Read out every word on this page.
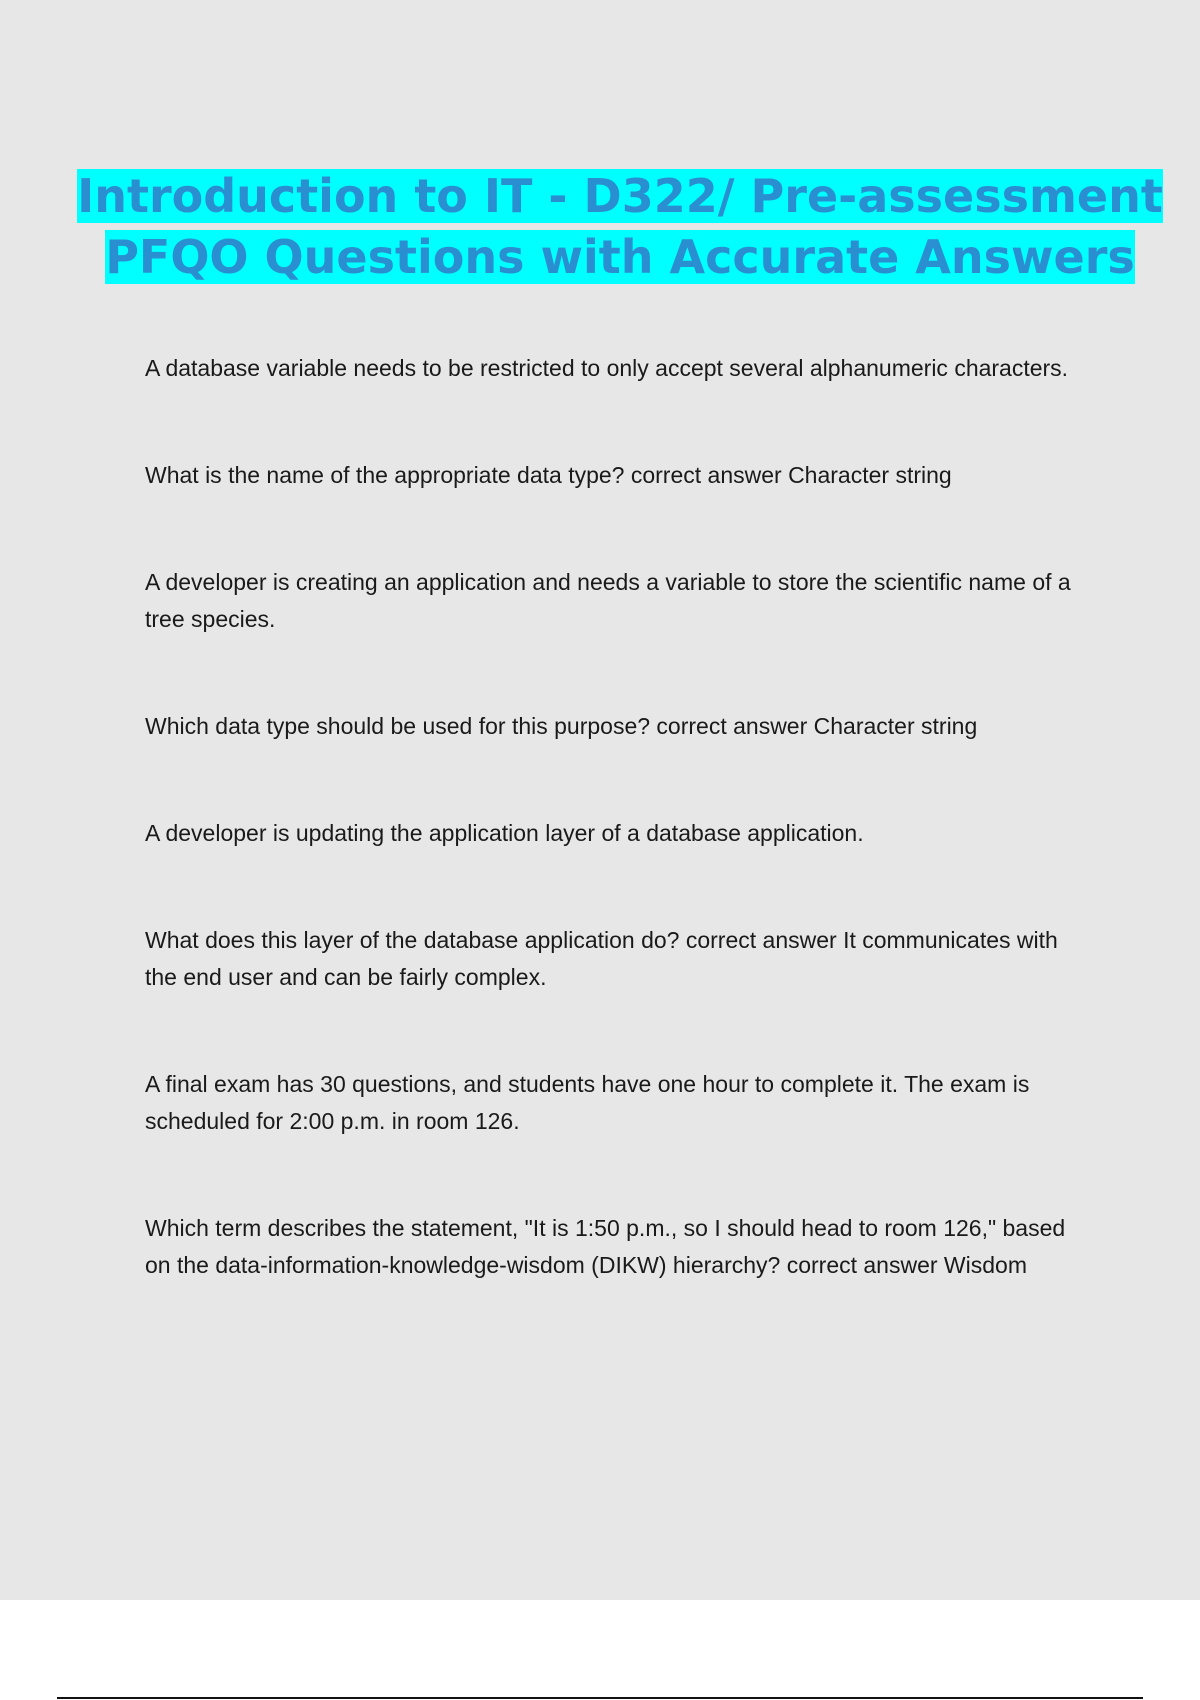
Introduction to IT - D322/ Pre-assessment PFQO Questions with Accurate Answers

A database variable needs to be restricted to only accept several alphanumeric characters.

What is the name of the appropriate data type? correct answer Character string

A developer is creating an application and needs a variable to store the scientific name of a tree species.

Which data type should be used for this purpose? correct answer Character string

A developer is updating the application layer of a database application.

What does this layer of the database application do? correct answer It communicates with the end user and can be fairly complex.

A final exam has 30 questions, and students have one hour to complete it. The exam is scheduled for 2:00 p.m. in room 126.

Which term describes the statement, "It is 1:50 p.m., so I should head to room 126," based on the data-information-knowledge-wisdom (DIKW) hierarchy? correct answer Wisdom
